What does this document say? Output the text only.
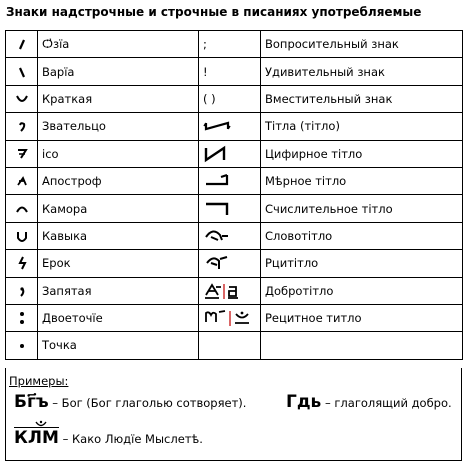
Знаки надстрочные и строчные в писаниях употребляемые
	Ѻ҆зїа	;	Вопросительный знак
	Варїа	!	Удивительный знак
	Краткая	( )	Вместительный знак
	Звательцо		Тітла (тітло)
	ісо		Цифирное тітло
	Апостроф		Мѣрное тітло
	Камора		Счислительное тітло
	Кавыка		Словотітло
	Ерок		Рцитітло
	Запятая		Добротітло
	Двоеточїе		Рецитное титло
	Точка		
Примеры:
Бг҃ъ – Бог (Бог глаголью сотворяет). Гдь – глаголящий добро.
КЛМ – Како Людїе Мыслетѣ.
